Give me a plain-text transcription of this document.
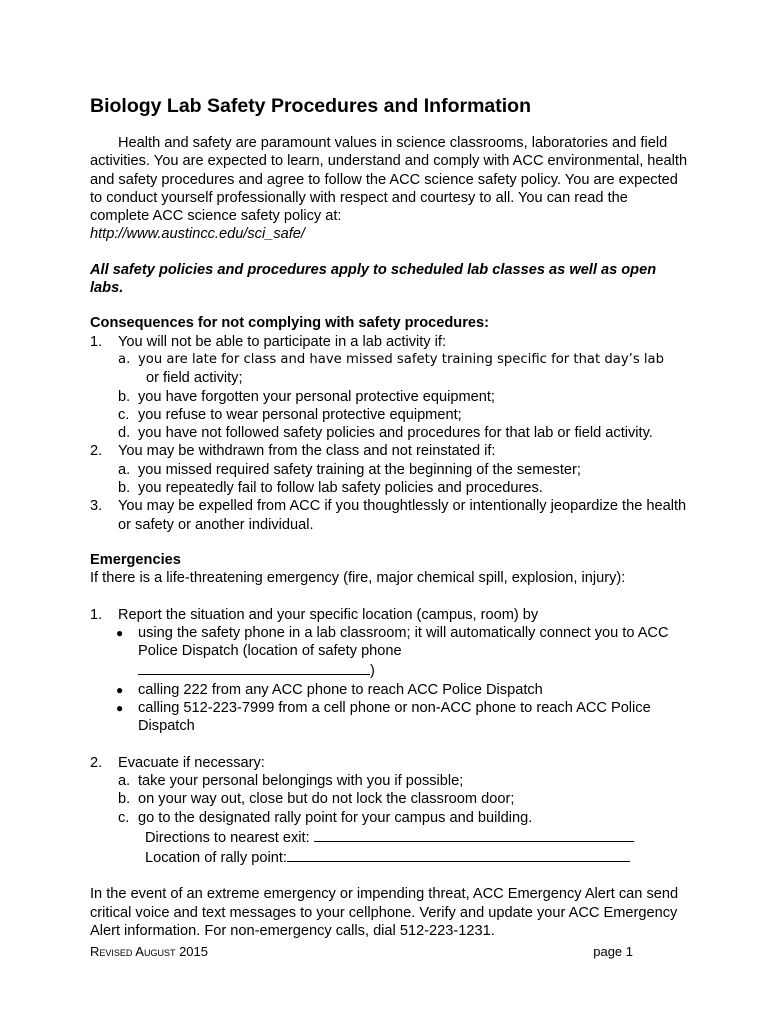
Biology Lab Safety Procedures and Information

Health and safety are paramount values in science classrooms, laboratories and field activities. You are expected to learn, understand and comply with ACC environmental, health and safety procedures and agree to follow the ACC science safety policy. You are expected to conduct yourself professionally with respect and courtesy to all. You can read the complete ACC science safety policy at:

http://www.austincc.edu/sci_safe/

All safety policies and procedures apply to scheduled lab classes as well as open labs.

Consequences for not complying with safety procedures:

1. You will not be able to participate in a lab activity if:
a. you are late for class and have missed safety training specific for that day’s lab
or field activity;
b. you have forgotten your personal protective equipment;
c. you refuse to wear personal protective equipment;
d. you have not followed safety policies and procedures for that lab or field activity.
2. You may be withdrawn from the class and not reinstated if:
a. you missed required safety training at the beginning of the semester;
b. you repeatedly fail to follow lab safety policies and procedures.
3. You may be expelled from ACC if you thoughtlessly or intentionally jeopardize the health or safety or another individual.

Emergencies

If there is a life-threatening emergency (fire, major chemical spill, explosion, injury):

1. Report the situation and your specific location (campus, room) by
● using the safety phone in a lab classroom; it will automatically connect you to ACC Police Dispatch (location of safety phone
)
● calling 222 from any ACC phone to reach ACC Police Dispatch
● calling 512-223-7999 from a cell phone or non-ACC phone to reach ACC Police Dispatch
2. Evacuate if necessary:
a. take your personal belongings with you if possible;
b. on your way out, close but do not lock the classroom door;
c. go to the designated rally point for your campus and building.
Directions to nearest exit:
Location of rally point:

In the event of an extreme emergency or impending threat, ACC Emergency Alert can send critical voice and text messages to your cellphone. Verify and update your ACC Emergency Alert information. For non-emergency calls, dial 512-223-1231.

Revised August 2015	page 1
